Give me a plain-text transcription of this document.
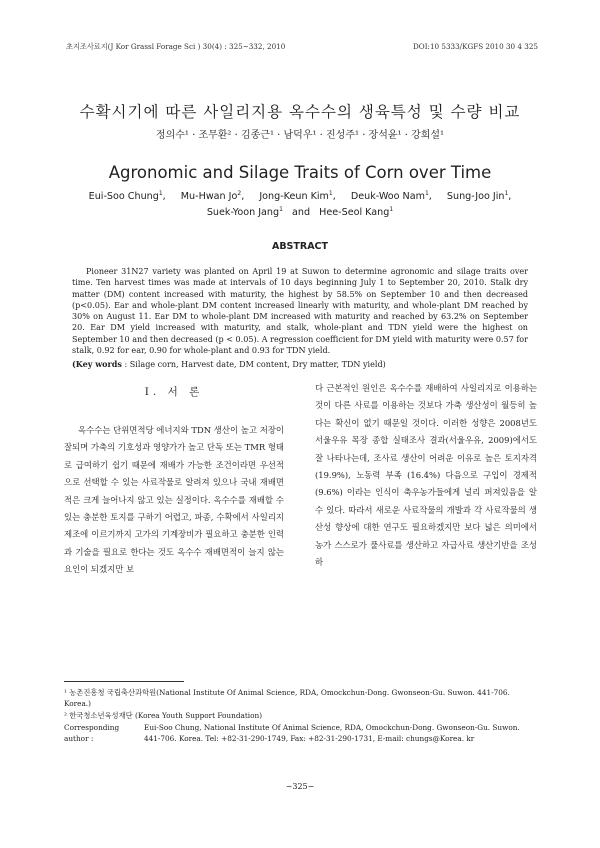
초지조사료지(J Kor Grassl Forage Sci ) 30(4) : 325~332, 2010	DOI:10 5333/KGFS 2010 30 4 325
수확시기에 따른 사일리지용 옥수수의 생육특성 및 수량 비교
정의수¹ · 조무환² · 김종근¹ · 남덕우¹ · 진성주¹ · 장석윤¹ · 강희설¹
Agronomic and Silage Traits of Corn over Time
Eui-Soo Chung$^1$, Mu-Hwan Jo$^2$, Jong-Keun Kim$^1$, Deuk-Woo Nam$^1$, Sung-Joo Jin$^1$,
Suek-Yoon Jang$^1$ and Hee-Seol Kang$^1$
ABSTRACT
Pioneer 31N27 variety was planted on April 19 at Suwon to determine agronomic and silage traits over time. Ten harvest times was made at intervals of 10 days beginning July 1 to September 20, 2010. Stalk dry matter (DM) content increased with maturity, the highest by 58.5% on September 10 and then decreased (p<0.05). Ear and whole-plant DM content increased linearly with maturity, and whole-plant DM reached by 30% on August 11. Ear DM to whole-plant DM increased with maturity and reached by 63.2% on September 20. Ear DM yield increased with maturity, and stalk, whole-plant and TDN yield were the highest on September 10 and then decreased (p < 0.05). A regression coefficient for DM yield with maturity were 0.57 for stalk, 0.92 for ear, 0.90 for whole-plant and 0.93 for TDN yield.
(Key words : Silage corn, Harvest date, DM content, Dry matter, TDN yield)
Ⅰ. 서 론

옥수수는 단위면적당 에너지와 TDN 생산이 높고 저장이 잘되며 가축의 기호성과 영양가가 높고 단독 또는 TMR 형태로 급여하기 쉽기 때문에 재배가 가능한 조건이라면 우선적으로 선택할 수 있는 사료작물로 알려져 있으나 국내 재배면적은 크게 늘어나지 않고 있는 실정이다. 옥수수를 재배할 수 있는 충분한 토지를 구하기 어렵고, 파종, 수확에서 사일리지 제조에 이르기까지 고가의 기계장비가 필요하고 충분한 인력과 기술을 필요로 한다는 것도 옥수수 재배면적이 늘지 않는 요인이 되겠지만 보

다 근본적인 원인은 옥수수를 재배하여 사일리지로 이용하는 것이 다른 사료를 이용하는 것보다 가축 생산성이 월등히 높다는 확신이 없기 때문일 것이다. 이러한 성향은 2008년도 서울우유 목장 종합 실태조사 결과(서울우유, 2009)에서도 잘 나타나는데, 조사료 생산이 어려운 이유로 높은 토지자격 (19.9%), 노동력 부족 (16.4%) 다음으로 구입이 경제적 (9.6%) 이라는 인식이 축우농가들에게 널리 퍼져있음을 알 수 있다. 따라서 새로운 사료작물의 개발과 각 사료작물의 생산성 향상에 대한 연구도 필요하겠지만 보다 넓은 의미에서 농가 스스로가 풀사료를 생산하고 자급사료 생산기반을 조성하

¹ 농촌진흥청 국립축산과학원(National Institute Of Animal Science, RDA, Omockchun-Dong. Gwonseon-Gu. Suwon. 441-706. Korea.)
² 한국청소년육성재단 (Korea Youth Support Foundation)
Corresponding author :Eui-Soo Chung, National Institute Of Animal Science, RDA, Omockchun-Dong. Gwonseon-Gu. Suwon. 441-706. Korea. Tel: +82-31-290-1749, Fax: +82-31-290-1731, E-mail: chungs@Korea. kr
−325−
